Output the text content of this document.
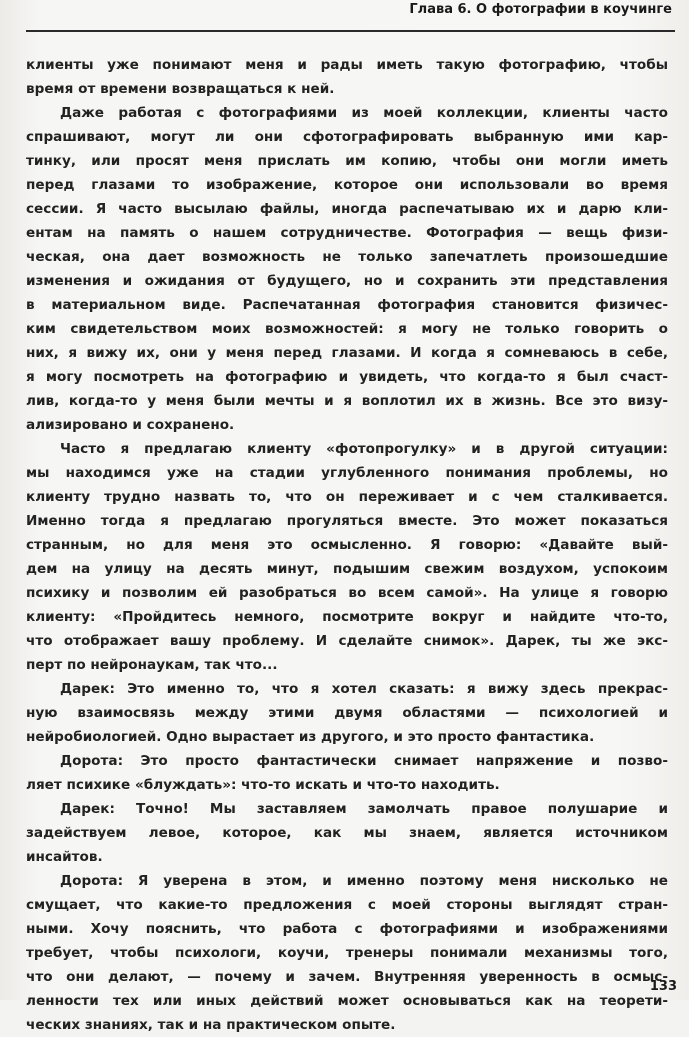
Глава 6. О фотографии в коучинге
клиенты уже понимают меня и рады иметь такую фотографию, чтобы
время от времени возвращаться к ней.
Даже работая с фотографиями из моей коллекции, клиенты часто
спрашивают, могут ли они сфотографировать выбранную ими кар-
тинку, или просят меня прислать им копию, чтобы они могли иметь
перед глазами то изображение, которое они использовали во время
сессии. Я часто высылаю файлы, иногда распечатываю их и дарю кли-
ентам на память о нашем сотрудничестве. Фотография — вещь физи-
ческая, она дает возможность не только запечатлеть произошедшие
изменения и ожидания от будущего, но и сохранить эти представления
в материальном виде. Распечатанная фотография становится физичес-
ким свидетельством моих возможностей: я могу не только говорить о
них, я вижу их, они у меня перед глазами. И когда я сомневаюсь в себе,
я могу посмотреть на фотографию и увидеть, что когда-то я был счаст-
лив, когда-то у меня были мечты и я воплотил их в жизнь. Все это визу-
ализировано и сохранено.
Часто я предлагаю клиенту «фотопрогулку» и в другой ситуации:
мы находимся уже на стадии углубленного понимания проблемы, но
клиенту трудно назвать то, что он переживает и с чем сталкивается.
Именно тогда я предлагаю прогуляться вместе. Это может показаться
странным, но для меня это осмысленно. Я говорю: «Давайте вый-
дем на улицу на десять минут, подышим свежим воздухом, успокоим
психику и позволим ей разобраться во всем самой». На улице я говорю
клиенту: «Пройдитесь немного, посмотрите вокруг и найдите что-то,
что отображает вашу проблему. И сделайте снимок». Дарек, ты же экс-
перт по нейронаукам, так что...
Дарек: Это именно то, что я хотел сказать: я вижу здесь прекрас-
ную взаимосвязь между этими двумя областями — психологией и
нейробиологией. Одно вырастает из другого, и это просто фантастика.
Дорота: Это просто фантастически снимает напряжение и позво-
ляет психике «блуждать»: что-то искать и что-то находить.
Дарек: Точно! Мы заставляем замолчать правое полушарие и
задействуем левое, которое, как мы знаем, является источником
инсайтов.
Дорота: Я уверена в этом, и именно поэтому меня нисколько не
смущает, что какие-то предложения с моей стороны выглядят стран-
ными. Хочу пояснить, что работа с фотографиями и изображениями
требует, чтобы психологи, коучи, тренеры понимали механизмы того,
что они делают, — почему и зачем. Внутренняя уверенность в осмыс-
ленности тех или иных действий может основываться как на теорети-
ческих знаниях, так и на практическом опыте.
133
